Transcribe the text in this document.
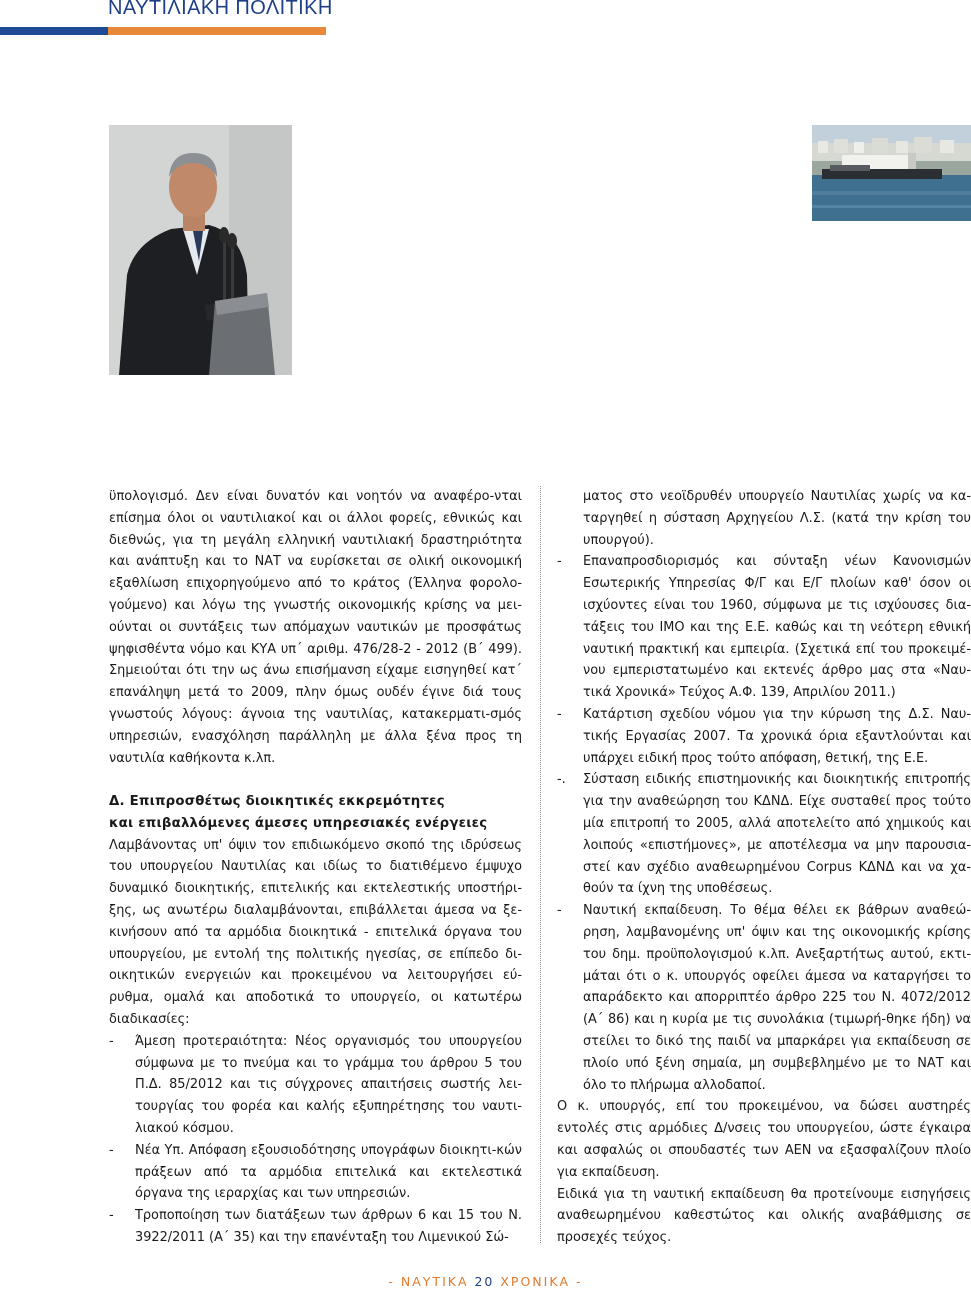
ΝΑΥΤΙΛΙΑΚΗ ΠΟΛΙΤΙΚΗ

ϋπολογισμό. Δεν είναι δυνατόν και νοητόν να αναφέρο-νται επίσημα όλοι οι ναυτιλιακοί και οι άλλοι φορείς, εθνικώς και διεθνώς, για τη μεγάλη ελληνική ναυτιλιακή δραστηριότητα και ανάπτυξη και το ΝΑΤ να ευρίσκεται σε ολική οικονομική εξαθλίωση επιχορηγούμενο από το κράτος (Έλληνα φορολο-γούμενο) και λόγω της γνωστής οικονομικής κρίσης να μει-ούνται οι συντάξεις των απόμαχων ναυτικών με προσφάτως ψηφισθέντα νόμο και ΚΥΑ υπ΄ αριθμ. 476/28-2 - 2012 (Β΄ 499). Σημειούται ότι την ως άνω επισήμανση είχαμε εισηγηθεί κατ΄ επανάληψη μετά το 2009, πλην όμως ουδέν έγινε διά τους γνωστούς λόγους: άγνοια της ναυτιλίας, κατακερματι-σμός υπηρεσιών, ενασχόληση παράλληλη με άλλα ξένα προς τη ναυτιλία καθήκοντα κ.λπ.

Δ. Επιπροσθέτως διοικητικές εκκρεμότητες
και επιβαλλόμενες άμεσες υπηρεσιακές ενέργειες

Λαμβάνοντας υπ' όψιν τον επιδιωκόμενο σκοπό της ιδρύσεως του υπουργείου Ναυτιλίας και ιδίως το διατιθέμενο έμψυχο δυναμικό διοικητικής, επιτελικής και εκτελεστικής υποστήρι-ξης, ως ανωτέρω διαλαμβάνονται, επιβάλλεται άμεσα να ξε-κινήσουν από τα αρμόδια διοικητικά - επιτελικά όργανα του υπουργείου, με εντολή της πολιτικής ηγεσίας, σε επίπεδο δι-οικητικών ενεργειών και προκειμένου να λειτουργήσει εύ-ρυθμα, ομαλά και αποδοτικά το υπουργείο, οι κατωτέρω διαδικασίες:

- Άμεση προτεραιότητα: Νέος οργανισμός του υπουργείου σύμφωνα με το πνεύμα και το γράμμα του άρθρου 5 του Π.Δ. 85/2012 και τις σύγχρονες απαιτήσεις σωστής λει-τουργίας του φορέα και καλής εξυπηρέτησης του ναυτι-λιακού κόσμου.
- Νέα Υπ. Απόφαση εξουσιοδότησης υπογράφων διοικητι-κών πράξεων από τα αρμόδια επιτελικά και εκτελεστικά όργανα της ιεραρχίας και των υπηρεσιών.
- Τροποποίηση των διατάξεων των άρθρων 6 και 15 του Ν. 3922/2011 (Α΄ 35) και την επανένταξη του Λιμενικού Σώ-

ματος στο νεοϊδρυθέν υπουργείο Ναυτιλίας χωρίς να κα-ταργηθεί η σύσταση Αρχηγείου Λ.Σ. (κατά την κρίση του υπουργού).

- Επαναπροσδιορισμός και σύνταξη νέων Κανονισμών Εσωτερικής Υπηρεσίας Φ/Γ και Ε/Γ πλοίων καθ' όσον οι ισχύοντες είναι του 1960, σύμφωνα με τις ισχύουσες δια-τάξεις του ΙΜΟ και της Ε.Ε. καθώς και τη νεότερη εθνική ναυτική πρακτική και εμπειρία. (Σχετικά επί του προκειμέ-νου εμπεριστατωμένο και εκτενές άρθρο μας στα «Ναυ-τικά Χρονικά» Τεύχος Α.Φ. 139, Απριλίου 2011.)
- Κατάρτιση σχεδίου νόμου για την κύρωση της Δ.Σ. Ναυ-τικής Εργασίας 2007. Τα χρονικά όρια εξαντλούνται και υπάρχει ειδική προς τούτο απόφαση, θετική, της Ε.Ε.
-. Σύσταση ειδικής επιστημονικής και διοικητικής επιτροπής για την αναθεώρηση του ΚΔΝΔ. Είχε συσταθεί προς τούτο μία επιτροπή το 2005, αλλά αποτελείτο από χημικούς και λοιπούς «επιστήμονες», με αποτέλεσμα να μην παρουσια-στεί καν σχέδιο αναθεωρημένου Corpus ΚΔΝΔ και να χα-θούν τα ίχνη της υποθέσεως.
- Ναυτική εκπαίδευση. Το θέμα θέλει εκ βάθρων αναθεώ-ρηση, λαμβανομένης υπ' όψιν και της οικονομικής κρίσης του δημ. προϋπολογισμού κ.λπ. Ανεξαρτήτως αυτού, εκτι-μάται ότι ο κ. υπουργός οφείλει άμεσα να καταργήσει το απαράδεκτο και απορριπτέο άρθρο 225 του Ν. 4072/2012 (Α΄ 86) και η κυρία με τις συνολάκια (τιμωρή-θηκε ήδη) να στείλει το δικό της παιδί να μπαρκάρει για εκπαίδευση σε πλοίο υπό ξένη σημαία, μη συμβεβλημένο με το ΝΑΤ και όλο το πλήρωμα αλλοδαποί.

Ο κ. υπουργός, επί του προκειμένου, να δώσει αυστηρές εντολές στις αρμόδιες Δ/νσεις του υπουργείου, ώστε έγκαιρα και ασφαλώς οι σπουδαστές των ΑΕΝ να εξασφαλίζουν πλοίο για εκπαίδευση.

Ειδικά για τη ναυτική εκπαίδευση θα προτείνουμε εισηγήσεις αναθεωρημένου καθεστώτος και ολικής αναβάθμισης σε προσεχές τεύχος.

- ΝΑΥΤΙΚΑ 20 ΧΡΟΝΙΚΑ -
